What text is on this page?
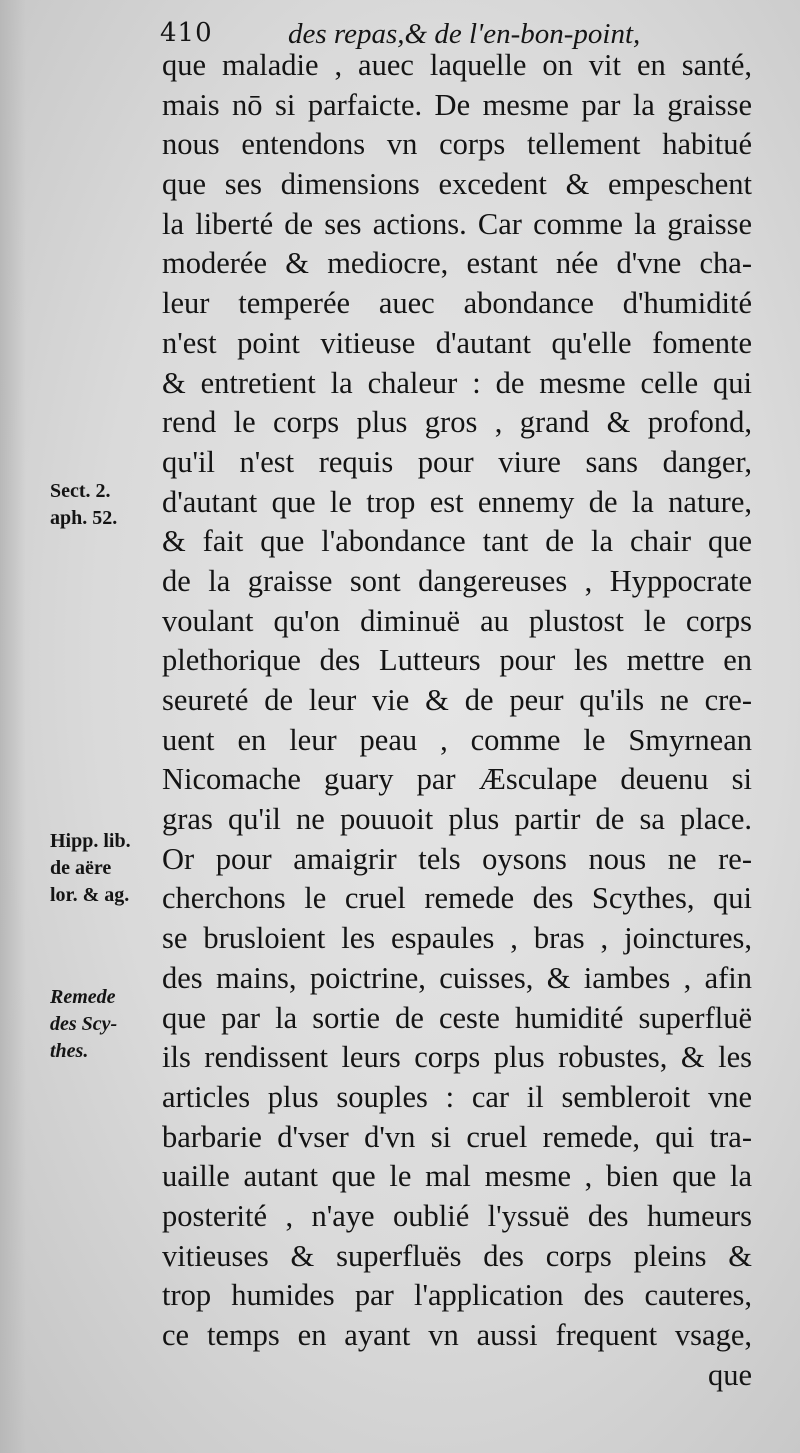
410	des repas,& de l'en-bon-point,
que maladie , auec laquelle on vit en santé,
mais nō si parfaicte. De mesme par la graisse
nous entendons vn corps tellement habitué
que ses dimensions excedent & empeschent
la liberté de ses actions. Car comme la graisse
moderée & mediocre, estant née d'vne cha-
leur temperée auec abondance d'humidité
n'est point vitieuse d'autant qu'elle fomente
& entretient la chaleur : de mesme celle qui
rend le corps plus gros , grand & profond,
qu'il n'est requis pour viure sans danger,
d'autant que le trop est ennemy de la nature,
& fait que l'abondance tant de la chair que
de la graisse sont dangereuses , Hyppocrate
voulant qu'on diminuë au plustost le corps
plethorique des Lutteurs pour les mettre en
seureté de leur vie & de peur qu'ils ne cre-
uent en leur peau , comme le Smyrnean
Nicomache guary par Æsculape deuenu si
gras qu'il ne pouuoit plus partir de sa place.
Or pour amaigrir tels oysons nous ne re-
cherchons le cruel remede des Scythes, qui
se brusloient les espaules , bras , joinctures,
des mains, poictrine, cuisses, & iambes , afin
que par la sortie de ceste humidité superfluë
ils rendissent leurs corps plus robustes, & les
articles plus souples : car il sembleroit vne
barbarie d'vser d'vn si cruel remede, qui tra-
uaille autant que le mal mesme , bien que la
posterité , n'aye oublié l'yssuë des humeurs
vitieuses & superfluës des corps pleins &
trop humides par l'application des cauteres,
ce temps en ayant vn aussi frequent vsage,
que
Sect. 2.
aph. 52.
Hipp. lib.
de aëre
lor. & ag.
Remede
des Scy-
thes.
